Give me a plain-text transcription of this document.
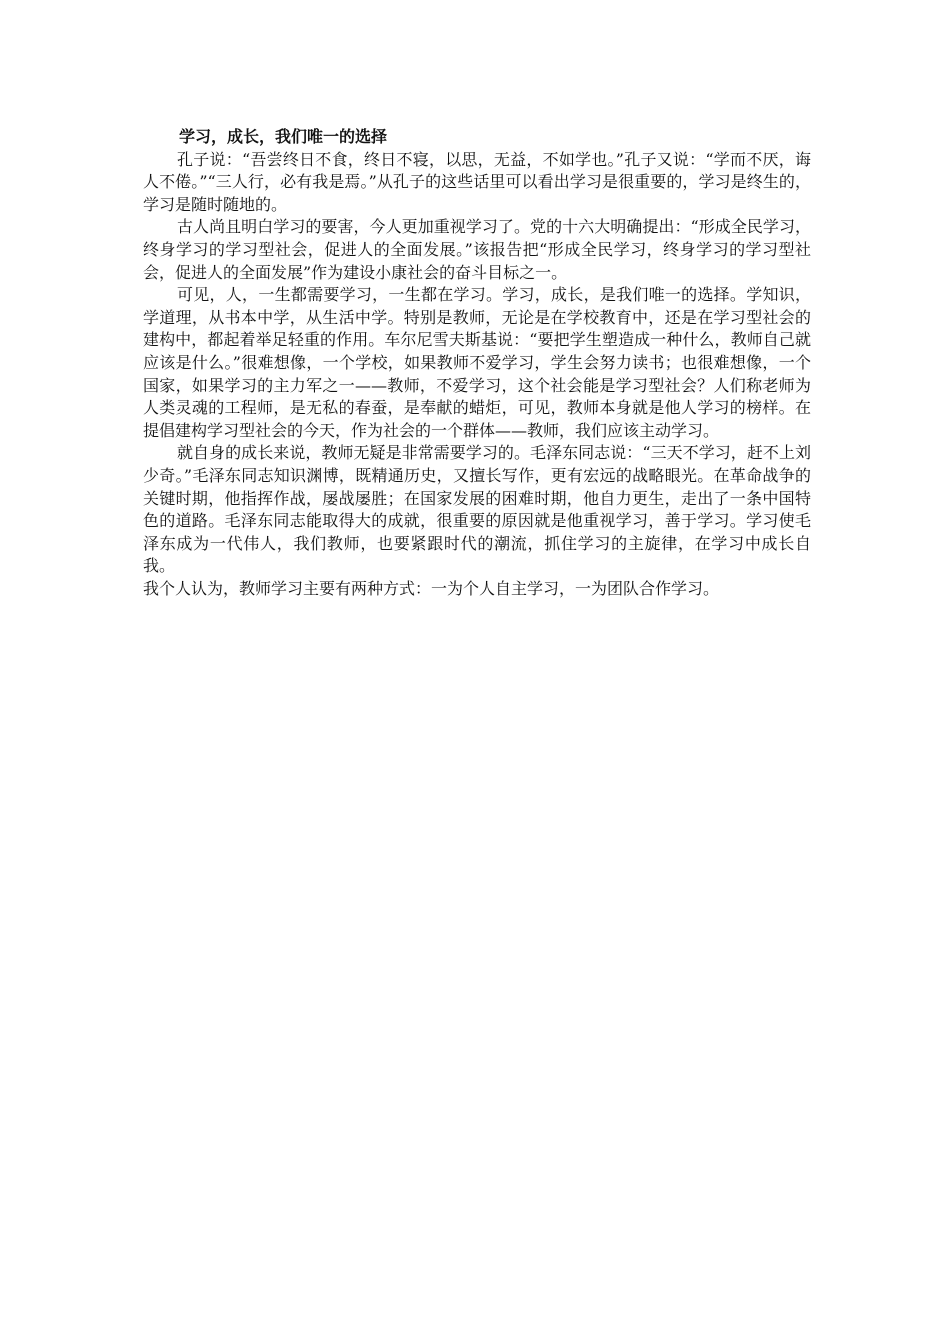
学习，成长，我们唯一的选择

孔子说：“吾尝终日不食，终日不寝，以思，无益，不如学也。”孔子又说：“学而不厌，诲人不倦。”“三人行，必有我是焉。”从孔子的这些话里可以看出学习是很重要的，学习是终生的，学习是随时随地的。

古人尚且明白学习的要害，今人更加重视学习了。党的十六大明确提出：“形成全民学习，终身学习的学习型社会，促进人的全面发展。”该报告把“形成全民学习，终身学习的学习型社会，促进人的全面发展”作为建设小康社会的奋斗目标之一。

可见，人，一生都需要学习，一生都在学习。学习，成长，是我们唯一的选择。学知识，学道理，从书本中学，从生活中学。特别是教师，无论是在学校教育中，还是在学习型社会的建构中，都起着举足轻重的作用。车尔尼雪夫斯基说：“要把学生塑造成一种什么，教师自己就应该是什么。”很难想像，一个学校，如果教师不爱学习，学生会努力读书；也很难想像，一个国家，如果学习的主力军之一——教师，不爱学习，这个社会能是学习型社会？人们称老师为人类灵魂的工程师，是无私的春蚕，是奉献的蜡炬，可见，教师本身就是他人学习的榜样。在提倡建构学习型社会的今天，作为社会的一个群体——教师，我们应该主动学习。

就自身的成长来说，教师无疑是非常需要学习的。毛泽东同志说：“三天不学习，赶不上刘少奇。”毛泽东同志知识渊博，既精通历史，又擅长写作，更有宏远的战略眼光。在革命战争的关键时期，他指挥作战，屡战屡胜；在国家发展的困难时期，他自力更生，走出了一条中国特色的道路。毛泽东同志能取得大的成就，很重要的原因就是他重视学习，善于学习。学习使毛泽东成为一代伟人，我们教师，也要紧跟时代的潮流，抓住学习的主旋律，在学习中成长自我。

我个人认为，教师学习主要有两种方式：一为个人自主学习，一为团队合作学习。
